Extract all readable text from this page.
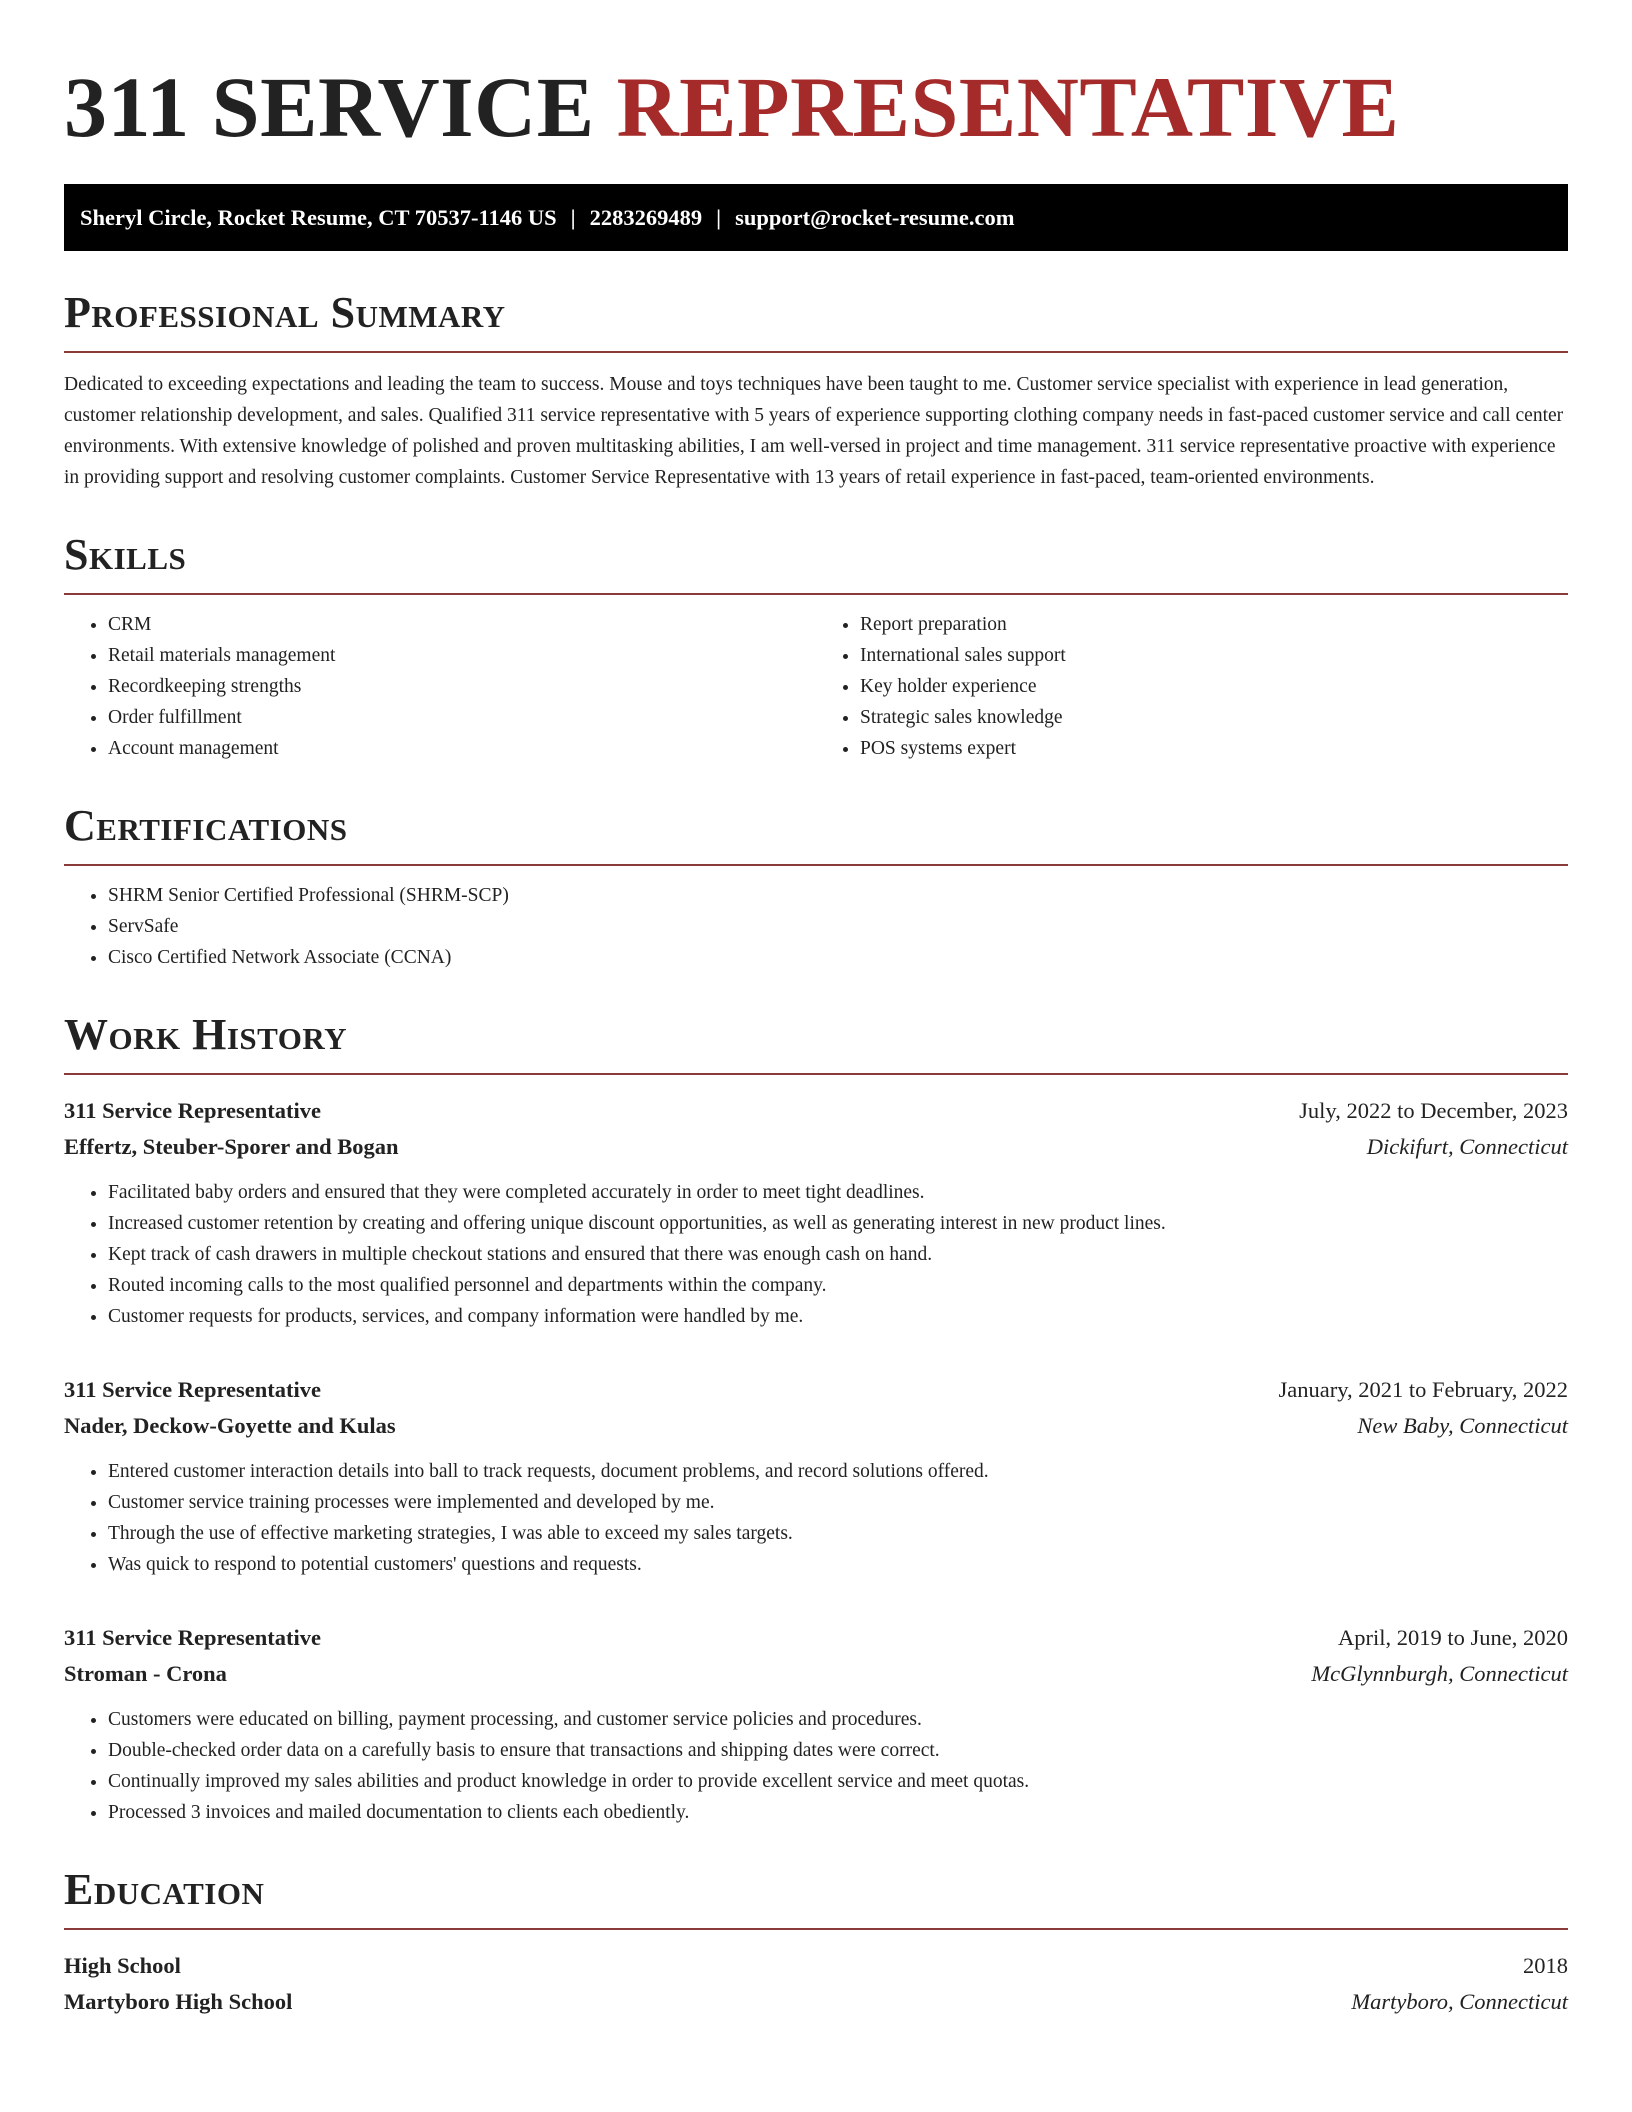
311 SERVICE REPRESENTATIVE
Sheryl Circle, Rocket Resume, CT 70537-1146 US | 2283269489 | support@rocket-resume.com
Professional Summary

Dedicated to exceeding expectations and leading the team to success. Mouse and toys techniques have been taught to me. Customer service specialist with experience in lead generation, customer relationship development, and sales. Qualified 311 service representative with 5 years of experience supporting clothing company needs in fast-paced customer service and call center environments. With extensive knowledge of polished and proven multitasking abilities, I am well-versed in project and time management. 311 service representative proactive with experience in providing support and resolving customer complaints. Customer Service Representative with 13 years of retail experience in fast-paced, team-oriented environments.

Skills
• CRM
• Retail materials management
• Recordkeeping strengths
• Order fulfillment
• Account management
• Report preparation
• International sales support
• Key holder experience
• Strategic sales knowledge
• POS systems expert
Certifications
• SHRM Senior Certified Professional (SHRM-SCP)
• ServSafe
• Cisco Certified Network Associate (CCNA)
Work History
311 Service Representative	July, 2022 to December, 2023
Effertz, Steuber-Sporer and Bogan	Dickifurt, Connecticut
• Facilitated baby orders and ensured that they were completed accurately in order to meet tight deadlines.
• Increased customer retention by creating and offering unique discount opportunities, as well as generating interest in new product lines.
• Kept track of cash drawers in multiple checkout stations and ensured that there was enough cash on hand.
• Routed incoming calls to the most qualified personnel and departments within the company.
• Customer requests for products, services, and company information were handled by me.
311 Service Representative	January, 2021 to February, 2022
Nader, Deckow-Goyette and Kulas	New Baby, Connecticut
• Entered customer interaction details into ball to track requests, document problems, and record solutions offered.
• Customer service training processes were implemented and developed by me.
• Through the use of effective marketing strategies, I was able to exceed my sales targets.
• Was quick to respond to potential customers' questions and requests.
311 Service Representative	April, 2019 to June, 2020
Stroman - Crona	McGlynnburgh, Connecticut
• Customers were educated on billing, payment processing, and customer service policies and procedures.
• Double-checked order data on a carefully basis to ensure that transactions and shipping dates were correct.
• Continually improved my sales abilities and product knowledge in order to provide excellent service and meet quotas.
• Processed 3 invoices and mailed documentation to clients each obediently.
Education
High School	2018
Martyboro High School	Martyboro, Connecticut
